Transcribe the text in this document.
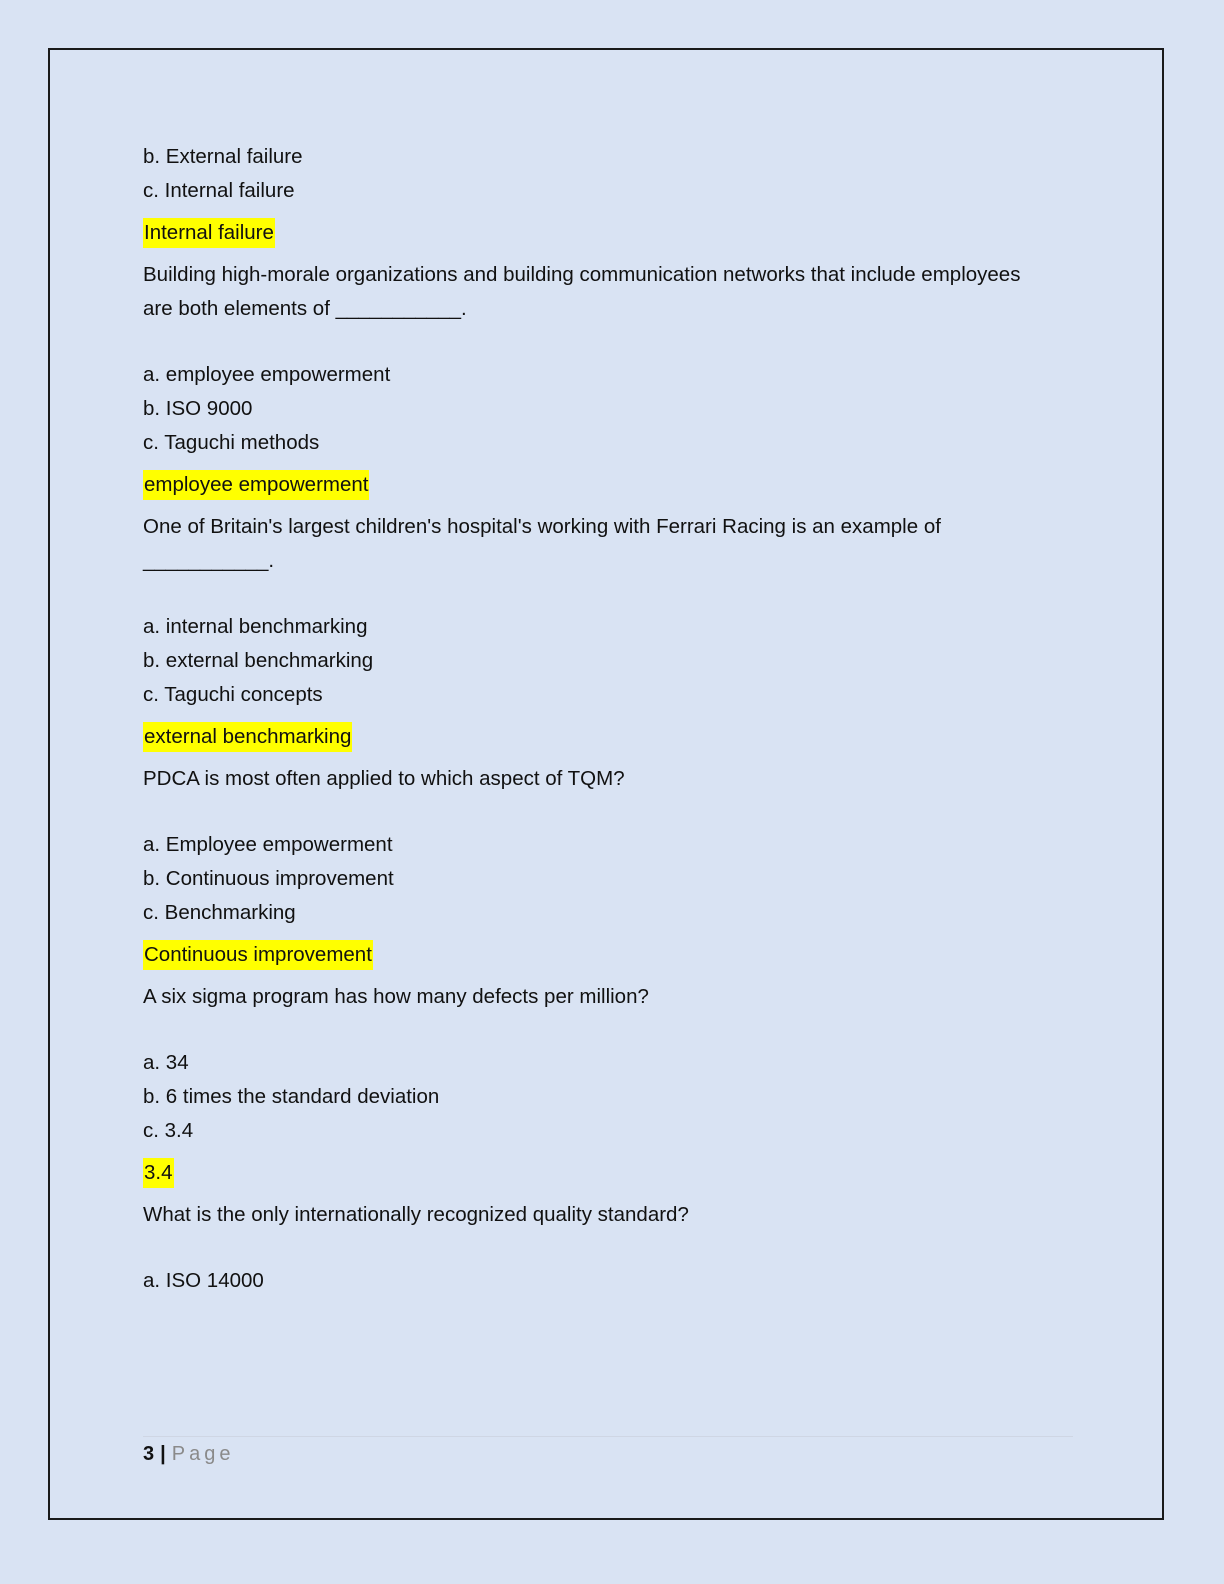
b. External failure
c. Internal failure
Internal failure
Building high-morale organizations and building communication networks that include employees are both elements of ___________.
a. employee empowerment
b. ISO 9000
c. Taguchi methods
employee empowerment
One of Britain's largest children's hospital's working with Ferrari Racing is an example of ___________.
a. internal benchmarking
b. external benchmarking
c. Taguchi concepts
external benchmarking
PDCA is most often applied to which aspect of TQM?
a. Employee empowerment
b. Continuous improvement
c. Benchmarking
Continuous improvement
A six sigma program has how many defects per million?
a. 34
b. 6 times the standard deviation
c. 3.4
3.4
What is the only internationally recognized quality standard?
a. ISO 14000
3 | Page
